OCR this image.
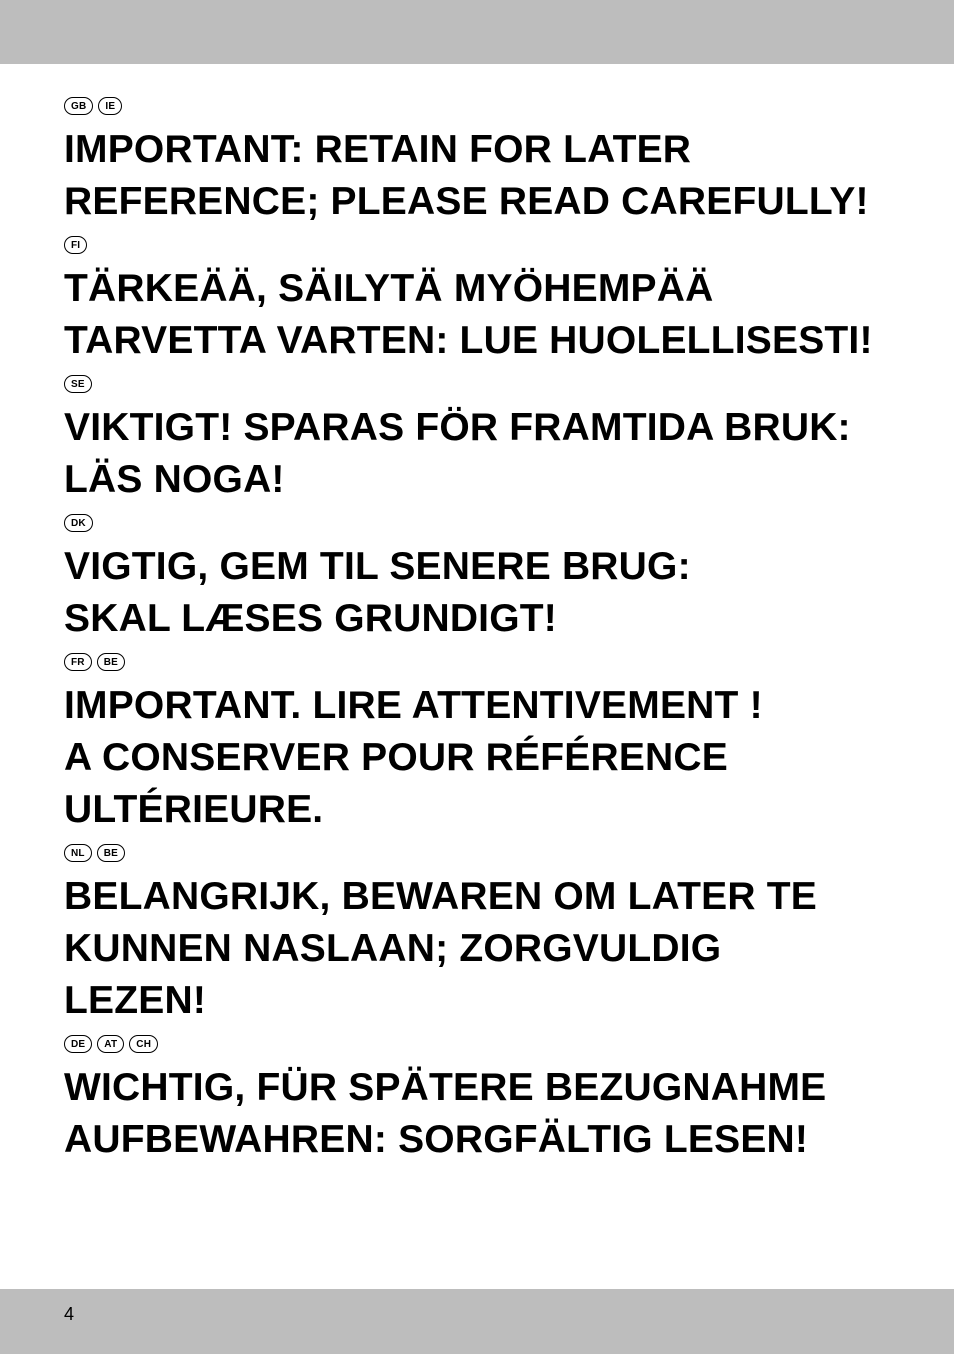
GB	IE
IMPORTANT: RETAIN FOR LATER
REFERENCE; PLEASE READ CAREFULLY!
FI
TÄRKEÄÄ, SÄILYTÄ MYÖHEMPÄÄ
TARVETTA VARTEN: LUE HUOLELLISESTI!
SE
VIKTIGT! SPARAS FÖR FRAMTIDA BRUK:
LÄS NOGA!
DK
VIGTIG, GEM TIL SENERE BRUG:
SKAL LÆSES GRUNDIGT!
FR	BE
IMPORTANT. LIRE ATTENTIVEMENT !
A CONSERVER POUR RÉFÉRENCE
ULTÉRIEURE.
NL	BE
BELANGRIJK, BEWAREN OM LATER TE
KUNNEN NASLAAN; ZORGVULDIG
LEZEN!
DE	AT	CH
WICHTIG, FÜR SPÄTERE BEZUGNAHME
AUFBEWAHREN: SORGFÄLTIG LESEN!
4
